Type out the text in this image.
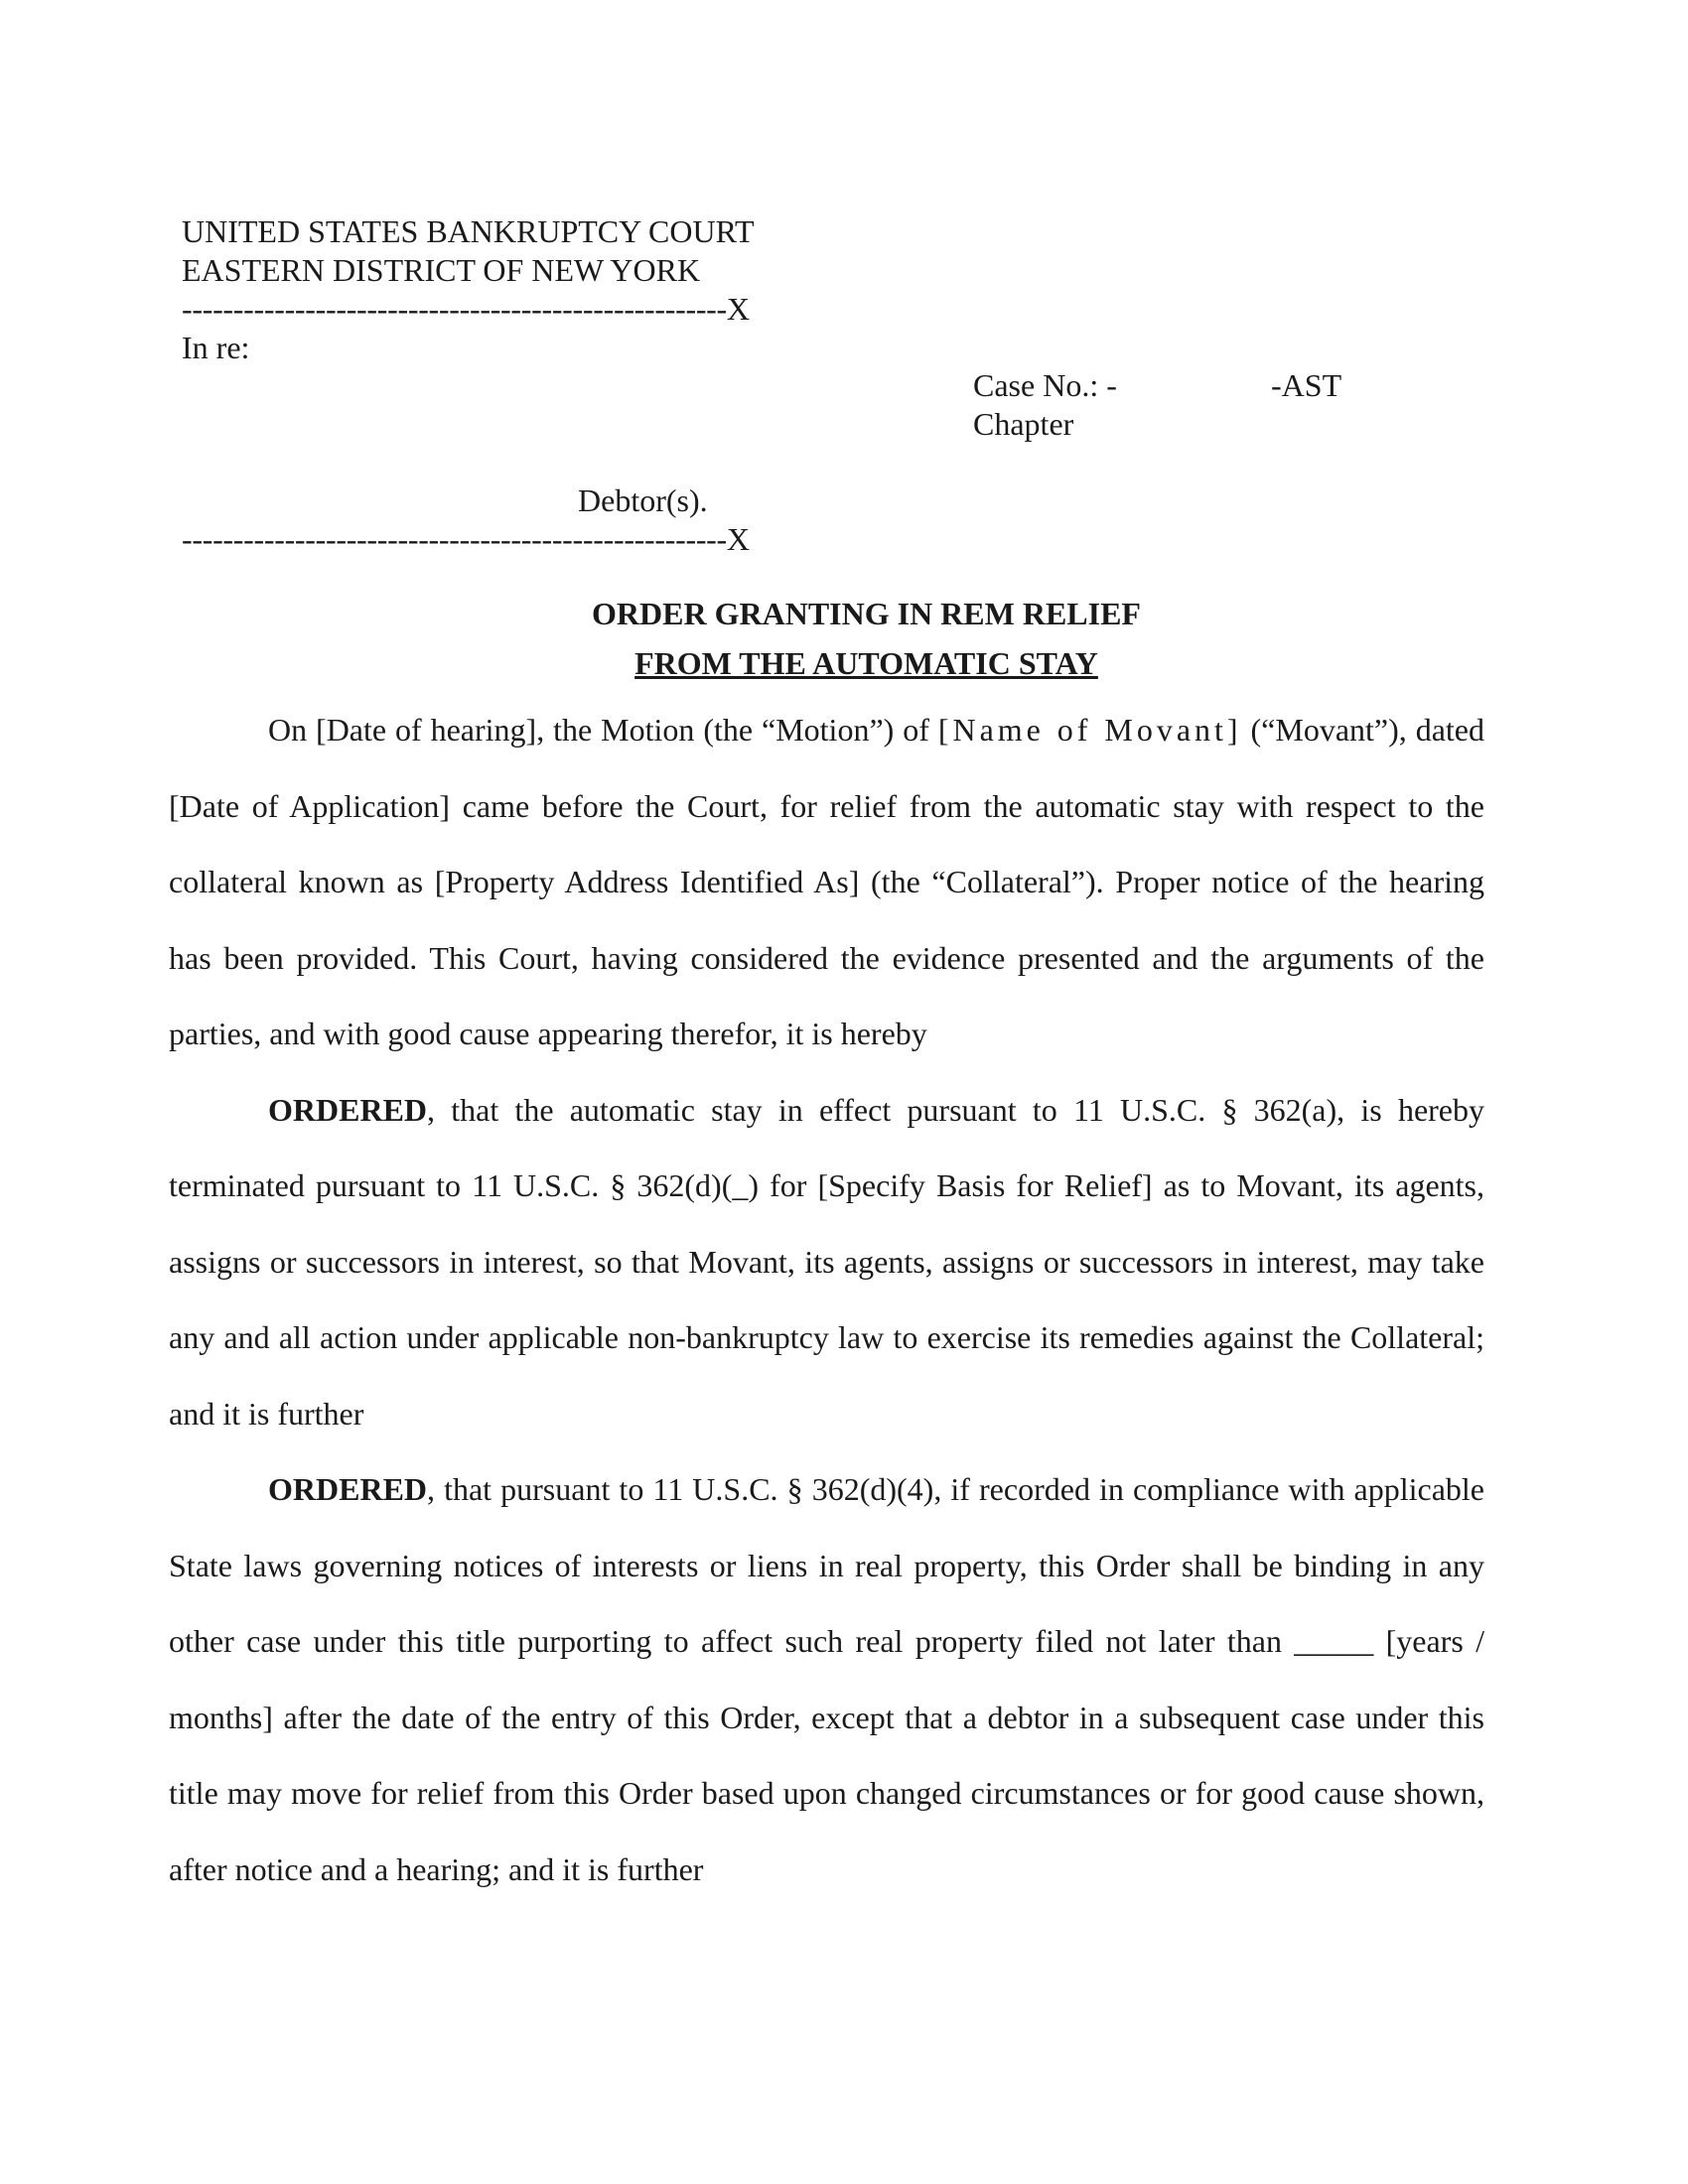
UNITED STATES BANKRUPTCY COURT
EASTERN DISTRICT OF NEW YORK
-----------------------------------------------------X
In re:
Case No.: -	-AST
Chapter
Debtor(s).
-----------------------------------------------------X
ORDER GRANTING IN REM RELIEF
FROM THE AUTOMATIC STAY

On [Date of hearing], the Motion (the “Motion”) of [Name of Movant] (“Movant”), dated [Date of Application] came before the Court, for relief from the automatic stay with respect to the collateral known as [Property Address Identified As] (the “Collateral”). Proper notice of the hearing has been provided. This Court, having considered the evidence presented and the arguments of the parties, and with good cause appearing therefor, it is hereby

ORDERED, that the automatic stay in effect pursuant to 11 U.S.C. § 362(a), is hereby terminated pursuant to 11 U.S.C. § 362(d)(_) for [Specify Basis for Relief] as to Movant, its agents, assigns or successors in interest, so that Movant, its agents, assigns or successors in interest, may take any and all action under applicable non-bankruptcy law to exercise its remedies against the Collateral; and it is further

ORDERED, that pursuant to 11 U.S.C. § 362(d)(4), if recorded in compliance with applicable State laws governing notices of interests or liens in real property, this Order shall be binding in any other case under this title purporting to affect such real property filed not later than _____ [years / months] after the date of the entry of this Order, except that a debtor in a subsequent case under this title may move for relief from this Order based upon changed circumstances or for good cause shown, after notice and a hearing; and it is further
